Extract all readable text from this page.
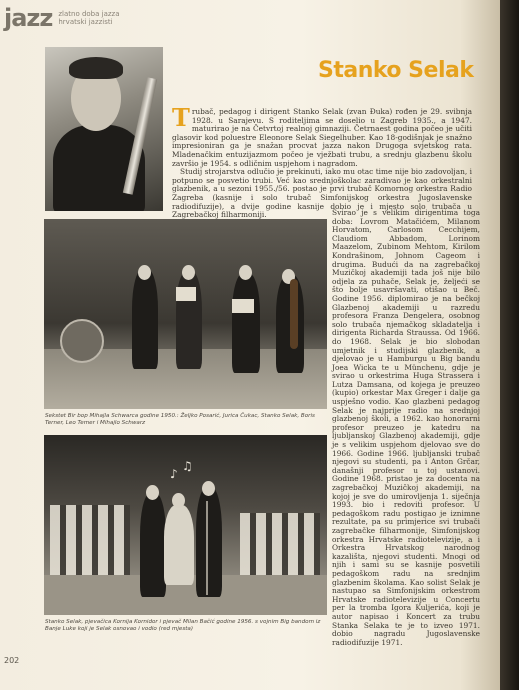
jazz zlatno doba jazza
hrvatski jazzisti
Stanko Selak
T rubač, pedagog i dirigent Stanko Selak (zvan Đuka) rođen je 29. svibnja 1928. u Sarajevu. S roditeljima se doselio u Zagreb 1935., a 1947. maturirao je na Četvrtoj realnoj gimnaziji. Četrnaest godina počeo je učiti glasovir kod poluestre Eleonore Selak Siegelhuber. Kao 18-godišnjak je snažno impresioniran ga je snažan procvat jazza nakon Drugoga svjetskog rata. Mladenačkim entuzijazmom počeo je vježbati trubu, a srednju glazbenu školu završio je 1954. s odličnim uspjehom i nagradom.
Studij strojarstva odlučio je prekinuti, iako mu otac time nije bio zadovoljan, i potpuno se posvetio trubi. Već kao srednjoškolac zaradivao je kao orkestralni glazbenik, a u sezoni 1955./56. postao je prvi trubač Komornog orkestra Radio Zagreba (kasnije i solo trubač Simfonijskog orkestra Jugoslavenske radiodifuzije), a dvije godine kasnije dobio je i mjesto solo trubača u Zagrebačkoj filharmoniji.
Sekstet Bir bop Mihajla Schwarca godine 1950.: Željko Posarić, Jurica Čukac, Stanko Selak, Boris Terner, Leo Temer i Mihajlo Schwarz
Svirao je s velikim dirigentima toga doba: Lovrom Matačićem, Milanom Horvatom, Carlosom Cecchijem, Claudiom Abbadom, Lorinom Maazelom, Zubinom Mehtom, Kirilom Kondrašinom, Johnom Cageom i drugima. Budući da na zagrebačkoj Muzičkoj akademiji tada još nije bilo odjela za puhače, Selak je, željeći se što bolje usavršavati, otišao u Beč. Godine 1956. diplomirao je na bečkoj Glazbenoj akademiji u razredu profesora Franza Dengelera, osobnog solo trubača njemačkog skladatelja i dirigenta Richarda Straussa. Od 1966. do 1968. Selak je bio slobodan umjetnik i studijski glazbenik, a djelovao je u Hamburgu u Big bandu Joea Wicka te u Münchenu, gdje je svirao u orkestrima Huga Strassera i Lutza Damsana, od kojega je preuzeo (kupio) orkestar Max Greger i dalje ga uspješno vodio. Kao glazbeni pedagog Selak je najprije radio na srednjoj glazbenoj školi, a 1962. kao honorarni profesor preuzeo je katedru na ljubljanskoj Glazbenoj akademiji, gdje je s velikim uspjehom djelovao sve do 1966. Godine 1966. ljubljanski trubač njegovi su studenti, pa i Anton Grčar, današnji profesor u toj ustanovi. Godine 1968. pristao je za docenta na zagrebačkoj Muzičkoj akademiji, na kojoj je sve do umirovljenja 1. siječnja 1993. bio i redoviti profesor. U pedagoškom radu postigao je iznimne rezultate, pa su primjerice svi trubači zagrebačke filharmonije, Simfonijskog orkestra Hrvatske radiotelevizije, a i Orkestra Hrvatskog narodnog kazališta, njegovi studenti. Mnogi od njih i sami su se kasnije posvetili pedagoškom radu na srednjim glazbenim školama. Kao solist Selak je nastupao sa Simfonijskim orkestrom Hrvatske radiotelevizije u Concertu per la tromba Igora Kuljerića, koji je autor napisao i Koncert za trubu Stanka Selaka te je to izveo 1971. dobio nagradu Jugoslavenske radiodifuzije 1971.
♪
♫
Stanko Selak, pjevačica Kornija Kornidor i pjevač Milan Bačić godine 1956. s vojnim Big bandom iz Banje Luke koji je Selak osnovao i vodio (red mjesta)
202
